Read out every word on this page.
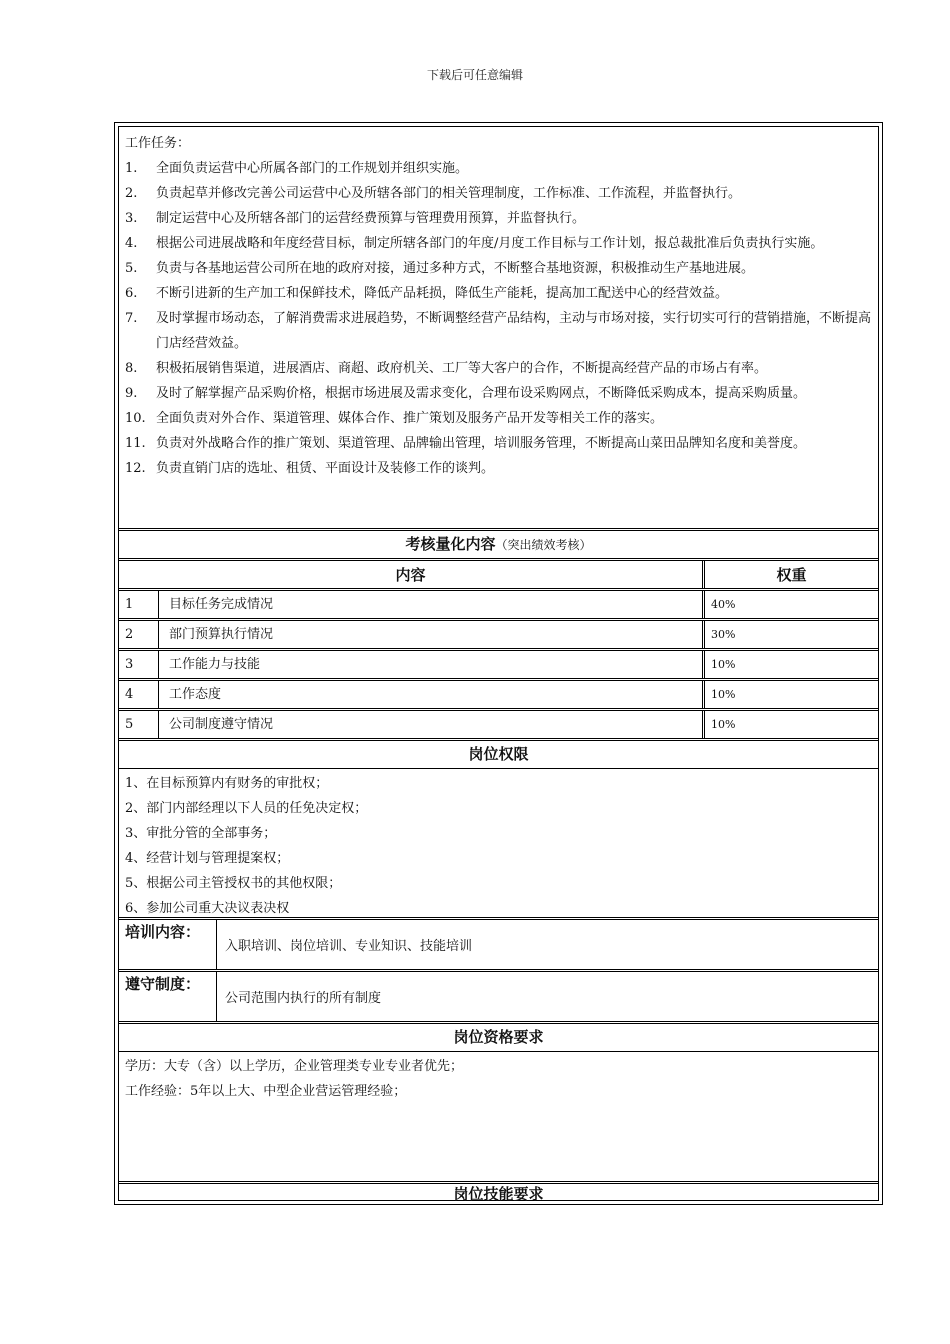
下载后可任意编辑
工作任务：
1.	全面负责运营中心所属各部门的工作规划并组织实施。
2.	负责起草并修改完善公司运营中心及所辖各部门的相关管理制度，工作标准、工作流程，并监督执行。
3.	制定运营中心及所辖各部门的运营经费预算与管理费用预算，并监督执行。
4.	根据公司进展战略和年度经营目标，制定所辖各部门的年度/月度工作目标与工作计划，报总裁批准后负责执行实施。
5.	负责与各基地运营公司所在地的政府对接，通过多种方式，不断整合基地资源，积极推动生产基地进展。
6.	不断引进新的生产加工和保鲜技术，降低产品耗损，降低生产能耗，提高加工配送中心的经营效益。
7.	及时掌握市场动态，了解消费需求进展趋势，不断调整经营产品结构，主动与市场对接，实行切实可行的营销措施，不断提高门店经营效益。
8.	积极拓展销售渠道，进展酒店、商超、政府机关、工厂等大客户的合作，不断提高经营产品的市场占有率。
9.	及时了解掌握产品采购价格，根据市场进展及需求变化，合理布设采购网点，不断降低采购成本，提高采购质量。
10. 全面负责对外合作、渠道管理、媒体合作、推广策划及服务产品开发等相关工作的落实。
11. 负责对外战略合作的推广策划、渠道管理、品牌输出管理，培训服务管理，不断提高山菜田品牌知名度和美誉度。
12. 负责直销门店的选址、租赁、平面设计及装修工作的谈判。
考核量化内容（突出绩效考核）
内容	权重
1	目标任务完成情况	40%
2	部门预算执行情况	30%
3	工作能力与技能	10%
4	工作态度	10%
5	公司制度遵守情况	10%
岗位权限
1、在目标预算内有财务的审批权；
2、部门内部经理以下人员的任免决定权；
3、审批分管的全部事务；
4、经营计划与管理提案权；
5、根据公司主管授权书的其他权限；
6、参加公司重大决议表决权
培训内容：
入职培训、岗位培训、专业知识、技能培训
遵守制度：
公司范围内执行的所有制度
岗位资格要求
学历：大专（含）以上学历，企业管理类专业专业者优先；
工作经验：5年以上大、中型企业营运管理经验；
岗位技能要求
